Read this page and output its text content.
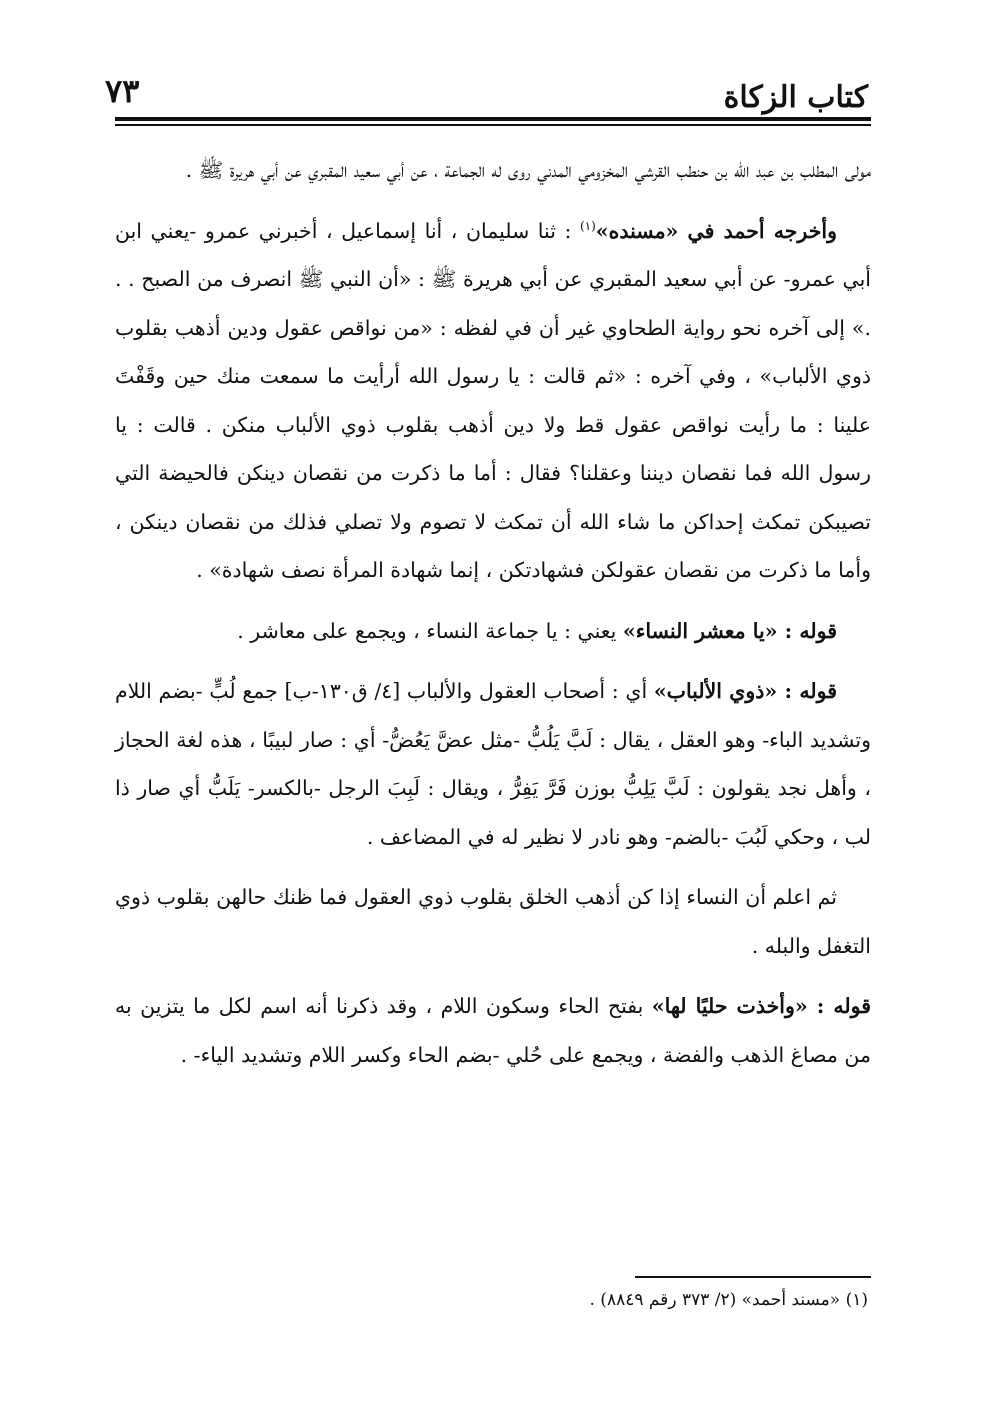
كتاب الزكاة
٧٣

مولى المطلب بن عبد الله بن حنطب القرشي المخزومي المدني روى له الجماعة ، عن أبي سعيد المقبري عن أبي هريرة ﷺ .

وأخرجه أحمد في «مسنده»$^{(١)}$ : ثنا سليمان ، أنا إسماعيل ، أخبرني عمرو -يعني ابن أبي عمرو- عن أبي سعيد المقبري عن أبي هريرة ﷺ : «أن النبي ﷺ انصرف من الصبح . . .» إلى آخره نحو رواية الطحاوي غير أن في لفظه : «من نواقص عقول ودين أذهب بقلوب ذوي الألباب» ، وفي آخره : «ثم قالت : يا رسول الله أرأيت ما سمعت منك حين وقَفْتَ علينا : ما رأيت نواقص عقول قط ولا دين أذهب بقلوب ذوي الألباب منكن . قالت : يا رسول الله فما نقصان ديننا وعقلنا؟ فقال : أما ما ذكرت من نقصان دينكن فالحيضة التي تصيبكن تمكث إحداكن ما شاء الله أن تمكث لا تصوم ولا تصلي فذلك من نقصان دينكن ، وأما ما ذكرت من نقصان عقولكن فشهادتكن ، إنما شهادة المرأة نصف شهادة» .

قوله : «يا معشر النساء» يعني : يا جماعة النساء ، ويجمع على معاشر .

قوله : «ذوي الألباب» أي : أصحاب العقول والألباب [٤/ ق١٣٠-ب] جمع لُبٍّ -بضم اللام وتشديد الباء- وهو العقل ، يقال : لَبَّ يَلُبُّ -مثل عضَّ يَعُضُّ- أي : صار لبيبًا ، هذه لغة الحجاز ، وأهل نجد يقولون : لَبَّ يَلِبُّ بوزن فَرَّ يَفِرُّ ، ويقال : لَبِبَ الرجل -بالكسر- يَلَبُّ أي صار ذا لب ، وحكي لَبُبَ -بالضم- وهو نادر لا نظير له في المضاعف .

ثم اعلم أن النساء إذا كن أذهب الخلق بقلوب ذوي العقول فما ظنك حالهن بقلوب ذوي التغفل والبله .

قوله : «وأخذت حليًا لها» بفتح الحاء وسكون اللام ، وقد ذكرنا أنه اسم لكل ما يتزين به من مصاغ الذهب والفضة ، ويجمع على حُلي -بضم الحاء وكسر اللام وتشديد الياء- .

(١) «مسند أحمد» (٢/ ٣٧٣ رقم ٨٨٤٩) .
